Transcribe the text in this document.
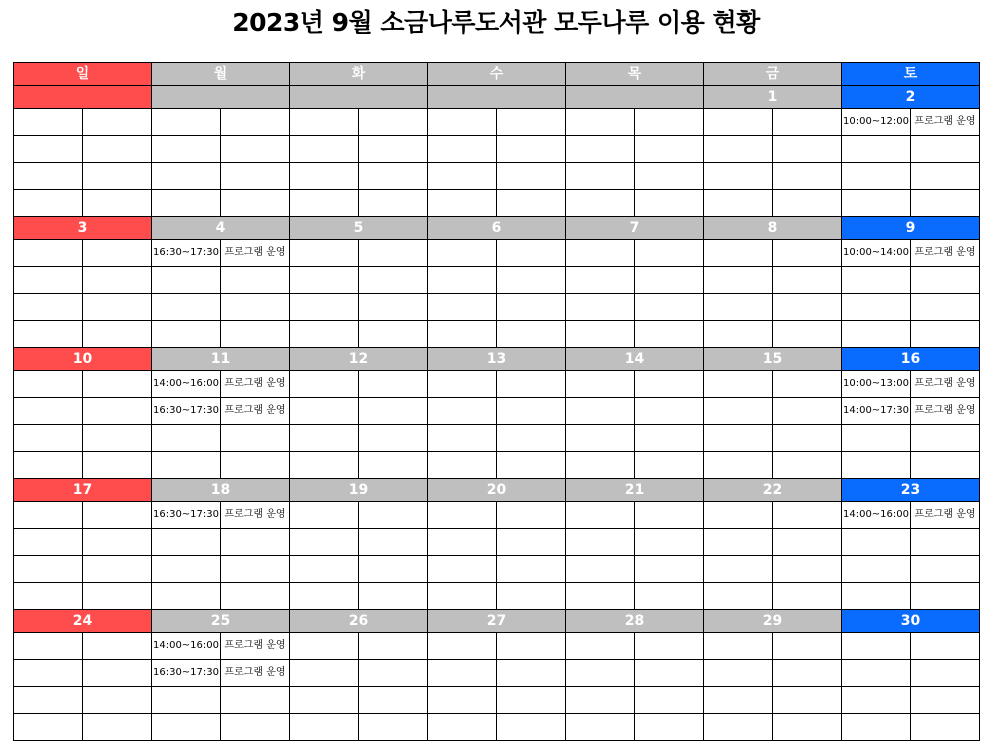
2023년 9월 소금나루도서관 모두나루 이용 현황
일		월		화		수		목		금		토	
										1		2	
												10:00~12:00	프로그램 운영

3		4		5		6		7		8		9	
		16:30~17:30	프로그램 운영									10:00~14:00	프로그램 운영

10		11		12		13		14		15		16	
		14:00~16:00	프로그램 운영									10:00~13:00	프로그램 운영
		16:30~17:30	프로그램 운영									14:00~17:30	프로그램 운영

17		18		19		20		21		22		23	
		16:30~17:30	프로그램 운영									14:00~16:00	프로그램 운영

24		25		26		27		28		29		30	
		14:00~16:00	프로그램 운영										
		16:30~17:30	프로그램 운영										
